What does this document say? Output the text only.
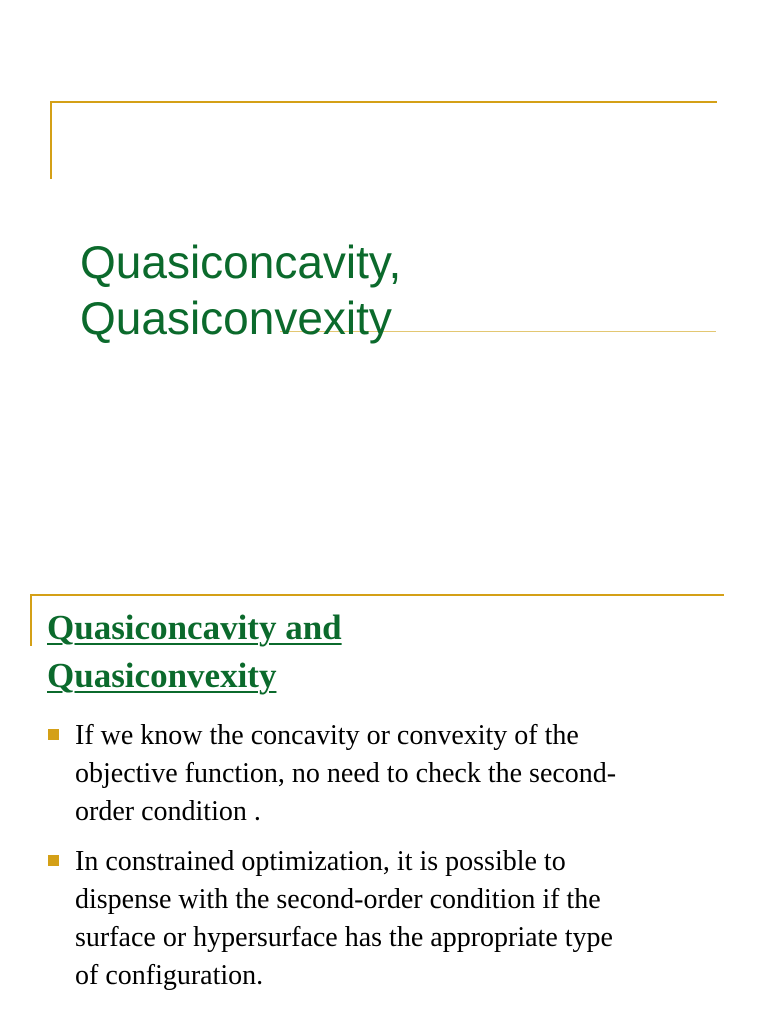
Quasiconcavity,
Quasiconvexity
Quasiconcavity and
Quasiconvexity
If we know the concavity or convexity of the
objective function, no need to check the second-
order condition .
In constrained optimization, it is possible to
dispense with the second-order condition if the
surface or hypersurface has the appropriate type
of configuration.
